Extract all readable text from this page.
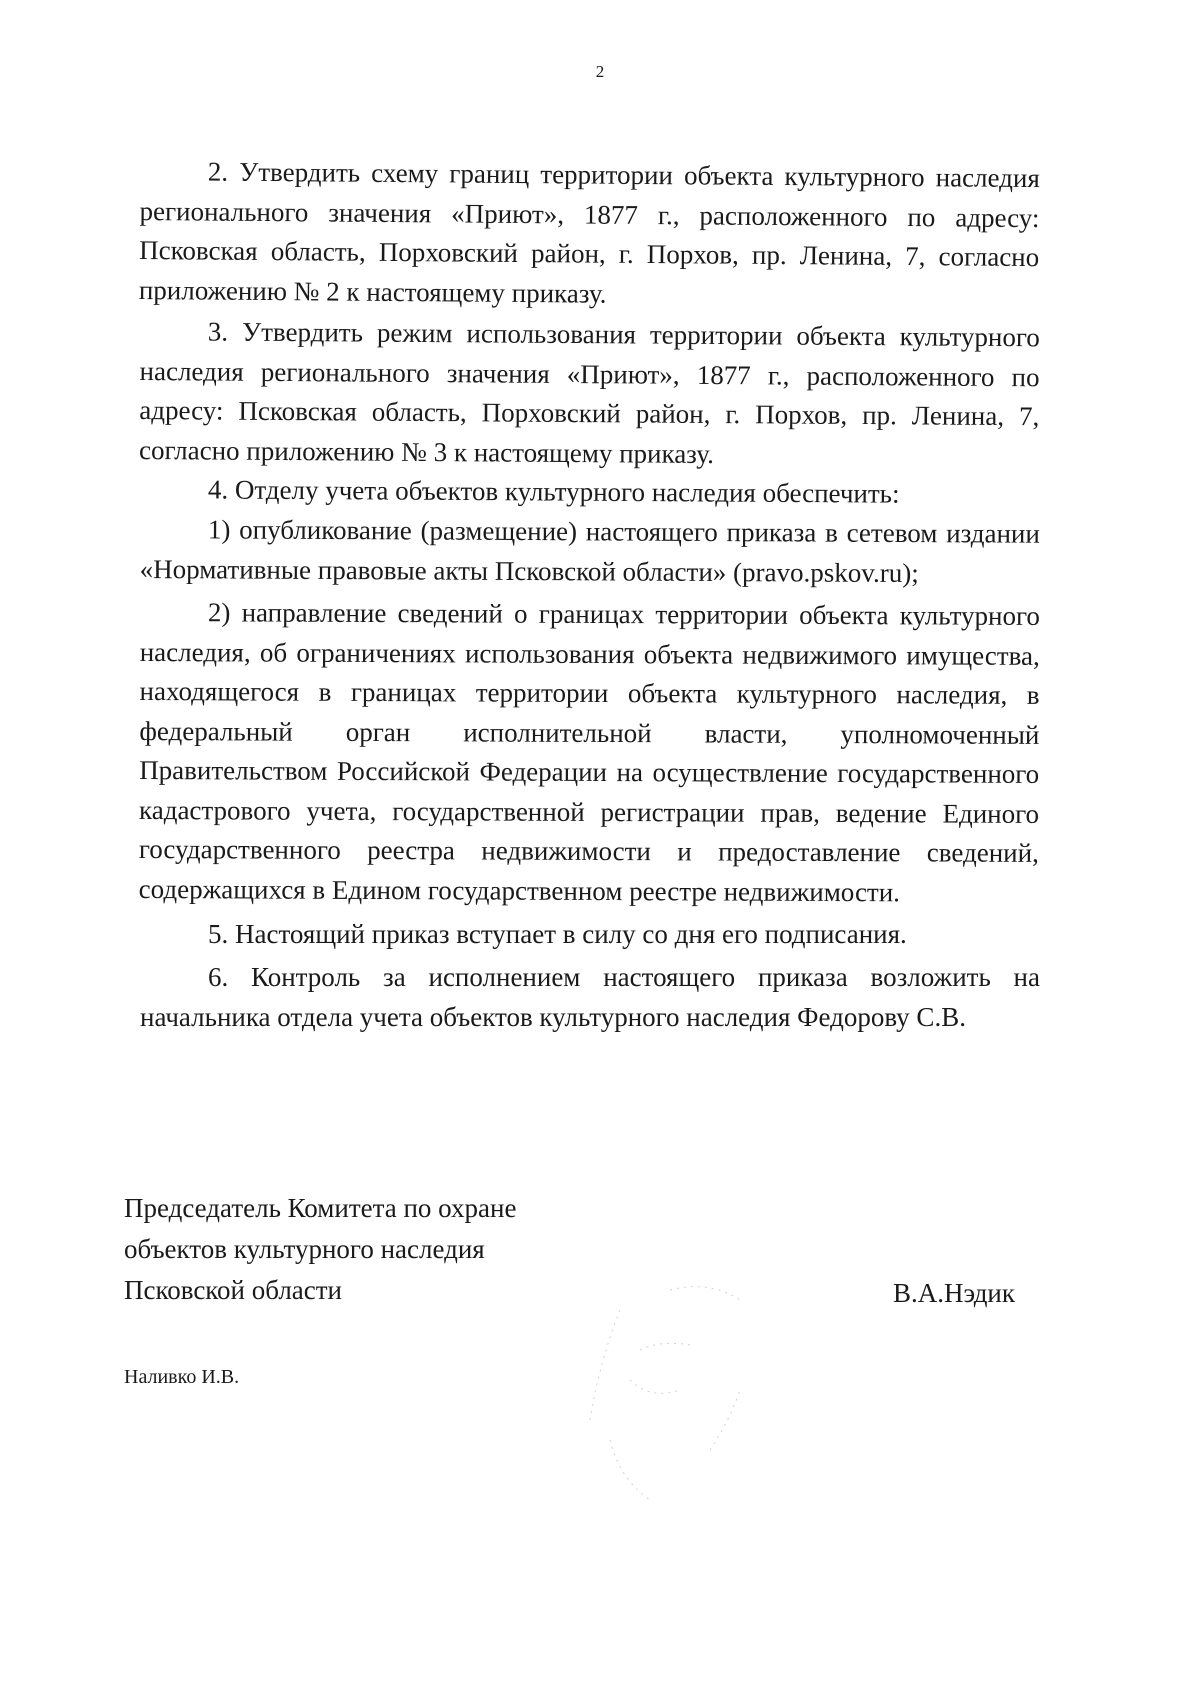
2

2. Утвердить схему границ территории объекта культурного наследия регионального значения «Приют», 1877 г., расположенного по адресу: Псковская область, Порховский район, г. Порхов, пр. Ленина, 7, согласно приложению № 2 к настоящему приказу.

3. Утвердить режим использования территории объекта культурного наследия регионального значения «Приют», 1877 г., расположенного по адресу: Псковская область, Порховский район, г. Порхов, пр. Ленина, 7, согласно приложению № 3 к настоящему приказу.

4. Отделу учета объектов культурного наследия обеспечить:

1) опубликование (размещение) настоящего приказа в сетевом издании «Нормативные правовые акты Псковской области» (pravo.pskov.ru);

2) направление сведений о границах территории объекта культурного наследия, об ограничениях использования объекта недвижимого имущества, находящегося в границах территории объекта культурного наследия, в федеральный орган исполнительной власти, уполномоченный Правительством Российской Федерации на осуществление государственного кадастрового учета, государственной регистрации прав, ведение Единого государственного реестра недвижимости и предоставление сведений, содержащихся в Едином государственном реестре недвижимости.

5. Настоящий приказ вступает в силу со дня его подписания.

6. Контроль за исполнением настоящего приказа возложить на начальника отдела учета объектов культурного наследия Федорову С.В.

Председатель Комитета по охране
объектов культурного наследия
Псковской области	В.А.Нэдик
Наливко И.В.
